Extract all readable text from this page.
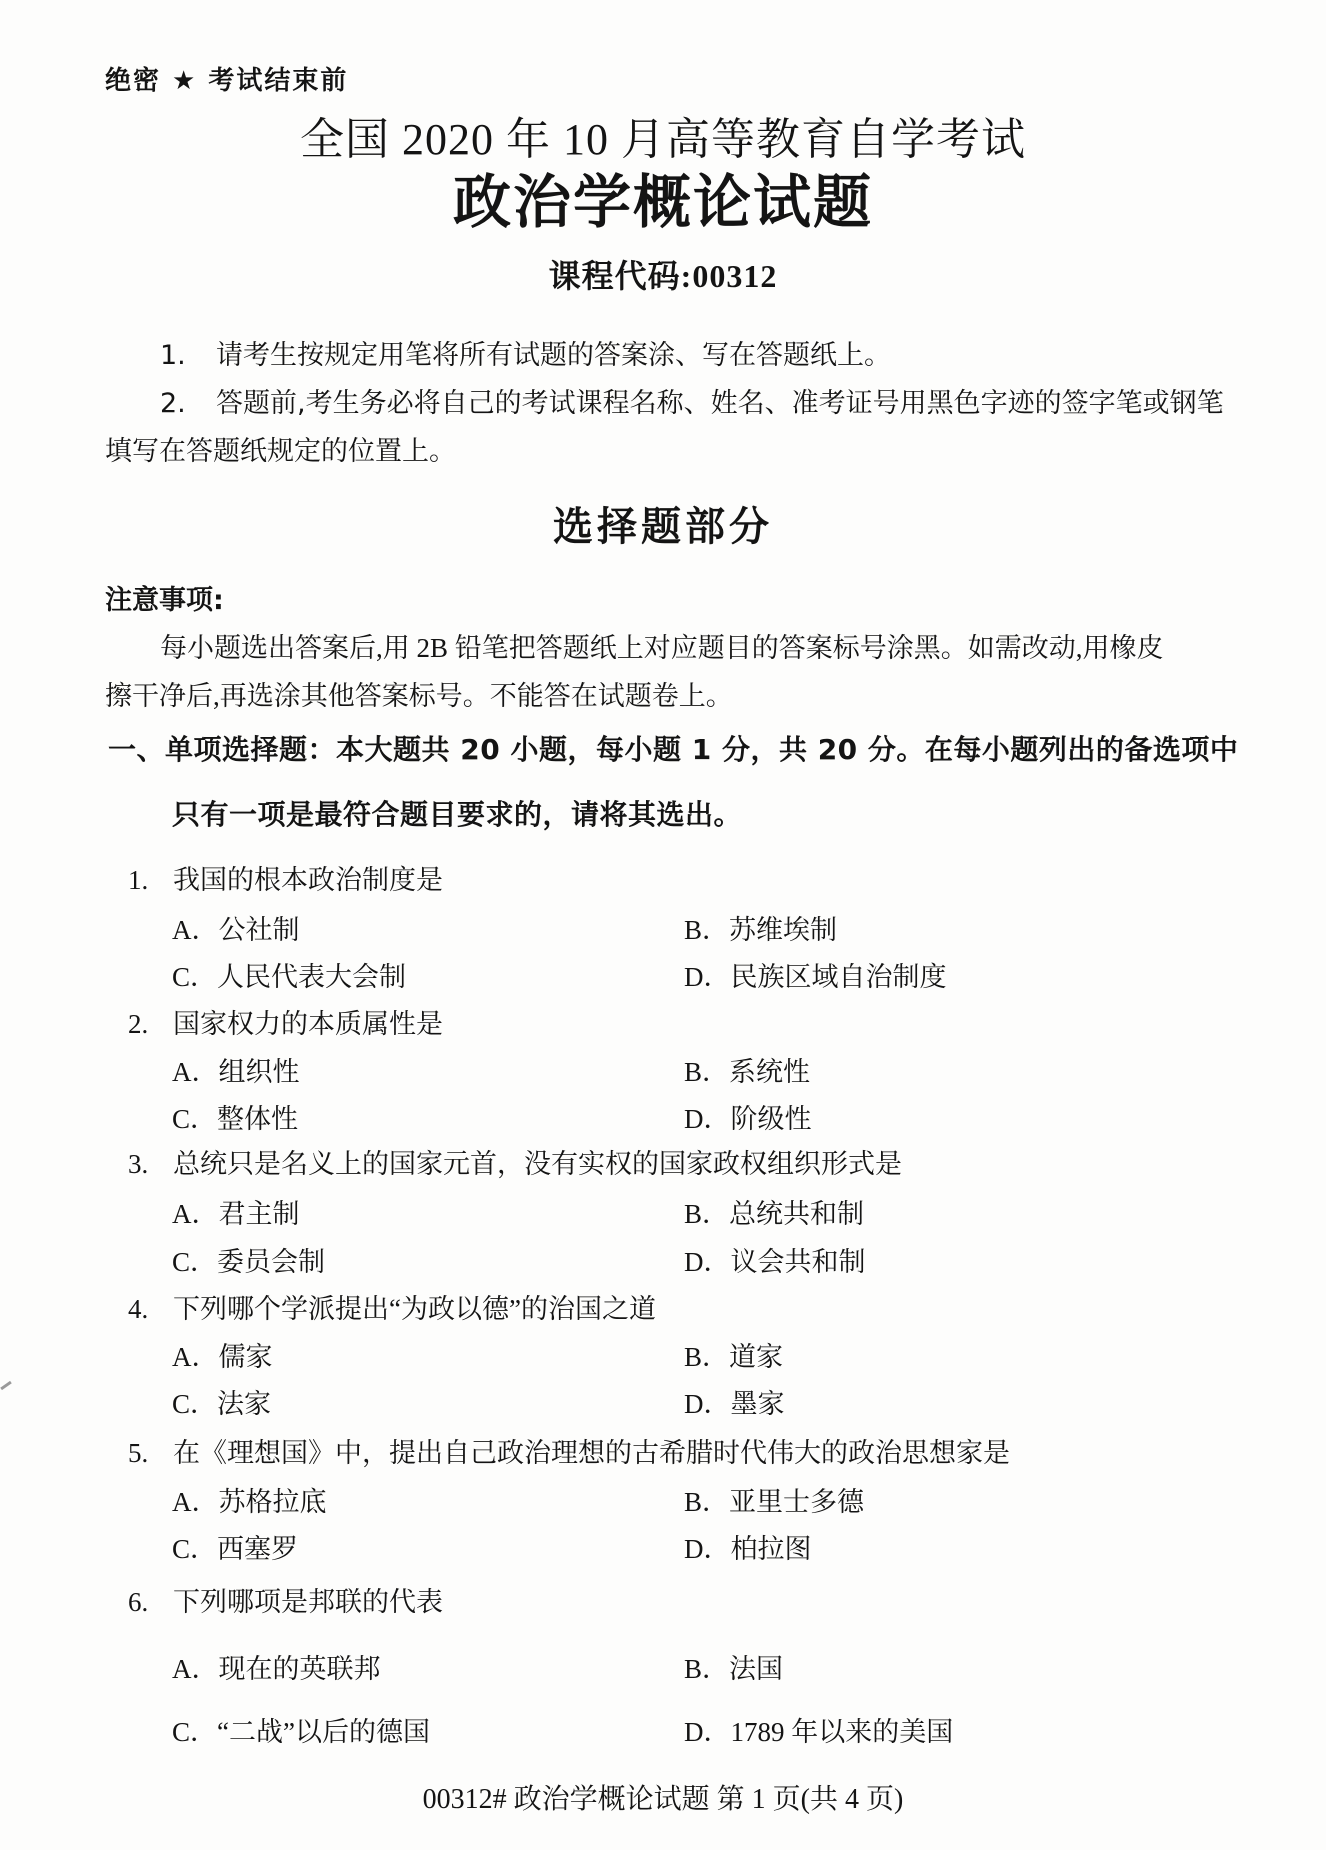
绝密 ★ 考试结束前
全国 2020 年 10 月高等教育自学考试
政治学概论试题
课程代码:00312
1. 请考生按规定用笔将所有试题的答案涂、写在答题纸上。
2. 答题前,考生务必将自己的考试课程名称、姓名、准考证号用黑色字迹的签字笔或钢笔
填写在答题纸规定的位置上。
选择题部分
注意事项:
每小题选出答案后,用 2B 铅笔把答题纸上对应题目的答案标号涂黑。如需改动,用橡皮
擦干净后,再选涂其他答案标号。不能答在试题卷上。
一、单项选择题：本大题共 20 小题，每小题 1 分，共 20 分。在每小题列出的备选项中
只有一项是最符合题目要求的，请将其选出。
1. 我国的根本政治制度是
A．公社制	B．苏维埃制
C．人民代表大会制	D．民族区域自治制度
2. 国家权力的本质属性是
A．组织性	B．系统性
C．整体性	D．阶级性
3. 总统只是名义上的国家元首，没有实权的国家政权组织形式是
A．君主制	B．总统共和制
C．委员会制	D．议会共和制
4. 下列哪个学派提出“为政以德”的治国之道
A．儒家	B．道家
C．法家	D．墨家
5. 在《理想国》中，提出自己政治理想的古希腊时代伟大的政治思想家是
A．苏格拉底	B．亚里士多德
C．西塞罗	D．柏拉图
6. 下列哪项是邦联的代表
A．现在的英联邦	B．法国
C．“二战”以后的德国	D．1789 年以来的美国
00312# 政治学概论试题 第 1 页(共 4 页)
